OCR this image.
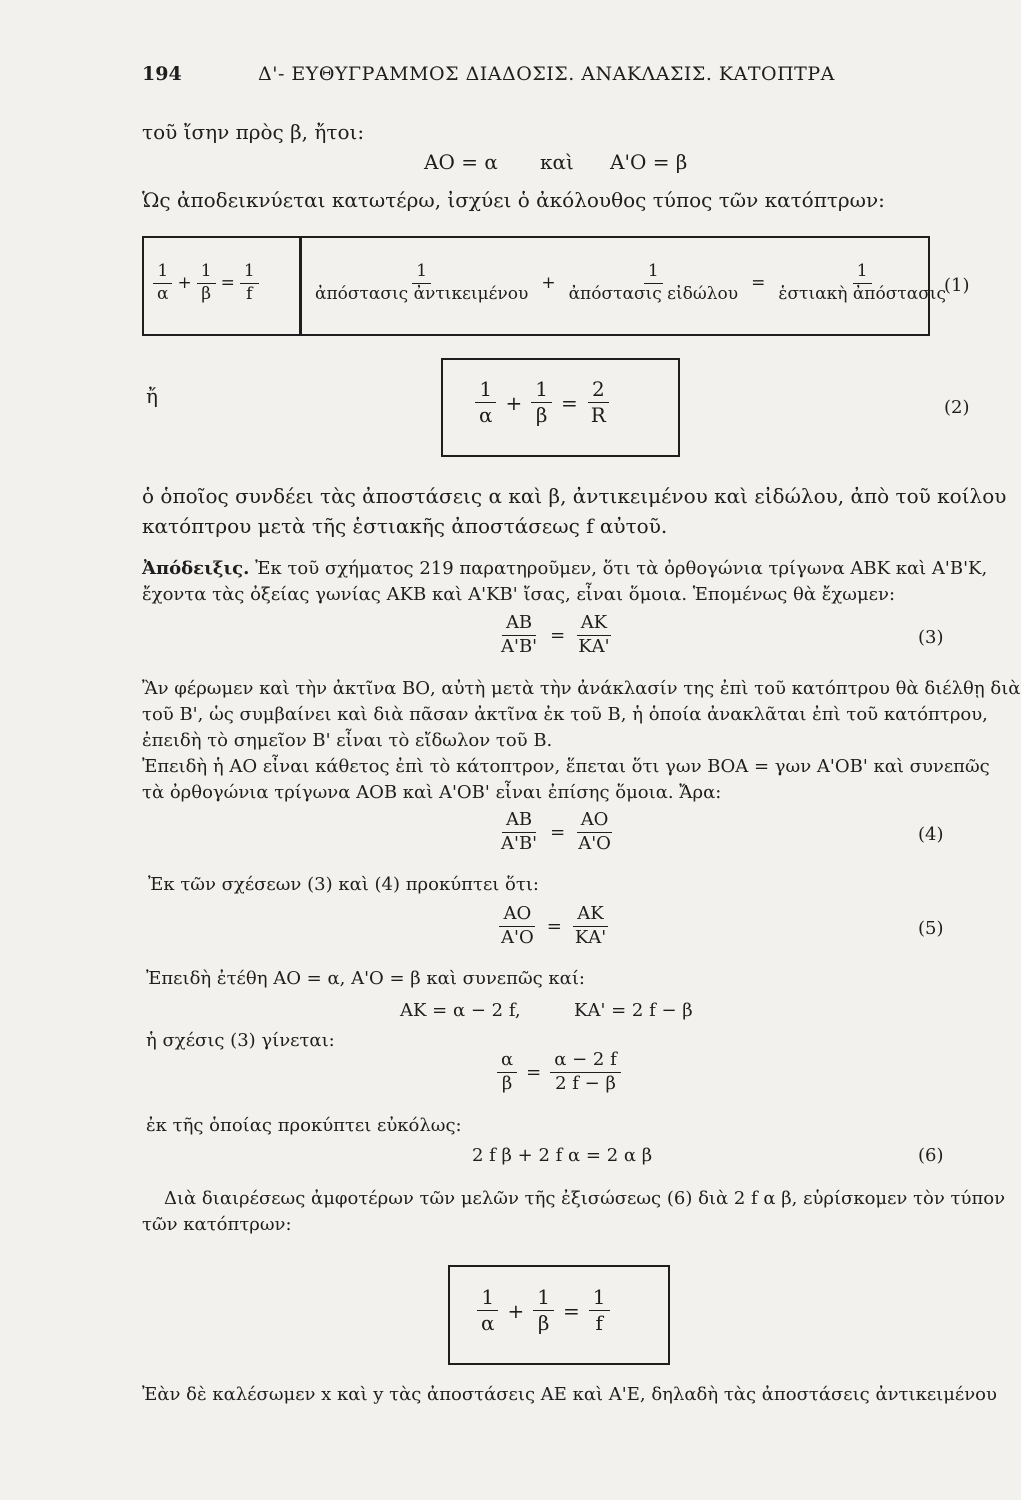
194	Δ'- ΕΥΘΥΓΡΑΜΜΟΣ ΔΙΑΔΟΣΙΣ. ΑΝΑΚΛΑΣΙΣ. ΚΑΤΟΠΤΡΑ
τοῦ ἴσην πρὸς β, ἤτοι:
ΑΟ = α καὶ Α'Ο = β
Ὡς ἀποδεικνύεται κατωτέρω, ἰσχύει ὁ ἀκόλουθος τύπος τῶν κατόπτρων:
$\frac{1}{\alpha} + \frac{1}{\beta} = \frac{1}{f}$	$\frac{1}{\text{ἀπόστασις ἀντικειμένου}} + \frac{1}{\text{ἀπόστασις εἰδώλου}} = \frac{1}{\text{ἑστιακὴ ἀπόστασις}}$
(1)
ἤ	$\frac{1}{\alpha} + \frac{1}{\beta} = \frac{2}{R}$	(2)
ὁ ὁποῖος συνδέει τὰς ἀποστάσεις α καὶ β, ἀντικειμένου καὶ εἰδώλου, ἀπὸ τοῦ κοίλου
κατόπτρου μετὰ τῆς ἑστιακῆς ἀποστάσεως f αὐτοῦ.
Ἀπόδειξις. Ἐκ τοῦ σχήματος 219 παρατηροῦμεν, ὅτι τὰ ὀρθογώνια τρίγωνα ΑΒΚ καὶ Α'Β'Κ,
ἔχοντα τὰς ὀξείας γωνίας ΑΚΒ καὶ Α'ΚΒ' ἴσας, εἶναι ὅμοια. Ἑπομένως θὰ ἔχωμεν:
$\frac{AB}{A'B'} = \frac{AK}{KA'}$	(3)
Ἂν φέρωμεν καὶ τὴν ἀκτῖνα ΒΟ, αὐτὴ μετὰ τὴν ἀνάκλασίν της ἐπὶ τοῦ κατόπτρου θὰ διέλθῃ διὰ
τοῦ Β', ὡς συμβαίνει καὶ διὰ πᾶσαν ἀκτῖνα ἐκ τοῦ Β, ἡ ὁποία ἀνακλᾶται ἐπὶ τοῦ κατόπτρου,
ἐπειδὴ τὸ σημεῖον Β' εἶναι τὸ εἴδωλον τοῦ Β.
Ἐπειδὴ ἡ ΑΟ εἶναι κάθετος ἐπὶ τὸ κάτοπτρον, ἕπεται ὅτι γων ΒΟΑ = γων Α'ΟΒ' καὶ συνεπῶς
τὰ ὀρθογώνια τρίγωνα ΑΟΒ καὶ Α'ΟΒ' εἶναι ἐπίσης ὅμοια. Ἄρα:
$\frac{AB}{A'B'} = \frac{AO}{A'O}$	(4)
Ἐκ τῶν σχέσεων (3) καὶ (4) προκύπτει ὅτι:
$\frac{AO}{A'O} = \frac{AK}{KA'}$	(5)
Ἐπειδὴ ἐτέθη ΑΟ = α, Α'Ο = β καὶ συνεπῶς καί:
ΑΚ = α − 2 f,	ΚΑ' = 2 f − β
ἡ σχέσις (3) γίνεται:
$\frac{\alpha}{\beta} = \frac{\alpha - 2 f}{2 f - \beta}$
ἐκ τῆς ὁποίας προκύπτει εὐκόλως:
2 f β + 2 f α = 2 α β	(6)
Διὰ διαιρέσεως ἀμφοτέρων τῶν μελῶν τῆς ἐξισώσεως (6) διὰ 2 f α β, εὑρίσκομεν τὸν τύπον
τῶν κατόπτρων:
$\frac{1}{\alpha} + \frac{1}{\beta} = \frac{1}{f}$
Ἐὰν δὲ καλέσωμεν x καὶ y τὰς ἀποστάσεις ΑΕ καὶ Α'Ε, δηλαδὴ τὰς ἀποστάσεις ἀντικειμένου
